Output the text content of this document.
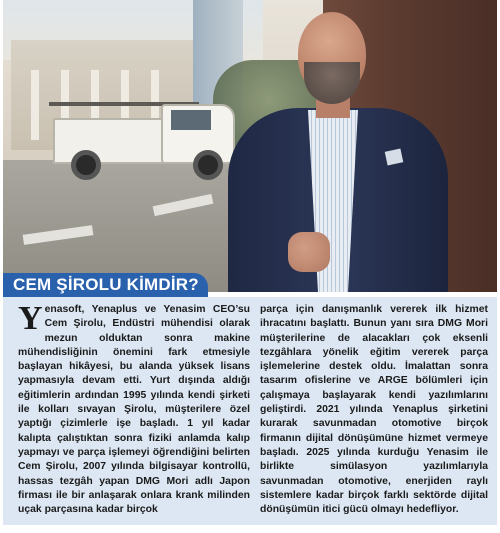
CEM ŞİROLU KİMDİR?
Y enasoft, Yenaplus ve Yenasim CEO’su Cem Şirolu, Endüstri mühendisi olarak mezun olduktan sonra makine mühendisliğinin önemini fark etmesiyle başlayan hikâyesi, bu alanda yüksek lisans yapmasıyla devam etti. Yurt dışında aldığı eğitimlerin ardından 1995 yılında kendi şirketi ile kolları sıvayan Şirolu, müşterilere özel yaptığı çizimlerle işe başladı. 1 yıl kadar kalıpta çalıştıktan sonra fiziki anlamda kalıp yapmayı ve parça işlemeyi öğrendiğini belirten Cem Şirolu, 2007 yılında bilgisayar kontrollü, hassas tezgâh yapan DMG Mori adlı Japon firması ile bir anlaşarak onlara krank milinden uçak parçasına kadar birçok

parça için danışmanlık vererek ilk hizmet ihracatını başlattı. Bunun yanı sıra DMG Mori müşterilerine de alacakları çok eksenli tezgâhlara yönelik eğitim vererek parça işlemelerine destek oldu. İmalattan sonra tasarım ofislerine ve ARGE bölümleri için çalışmaya başlayarak kendi yazılımlarını geliştirdi. 2021 yılında Yenaplus şirketini kurarak savunmadan otomotive birçok firmanın dijital dönüşümüne hizmet vermeye başladı. 2025 yılında kurduğu Yenasim ile birlikte simülasyon yazılımlarıyla savunmadan otomotive, enerjiden raylı sistemlere kadar birçok farklı sektörde dijital dönüşümün itici gücü olmayı hedefliyor.
